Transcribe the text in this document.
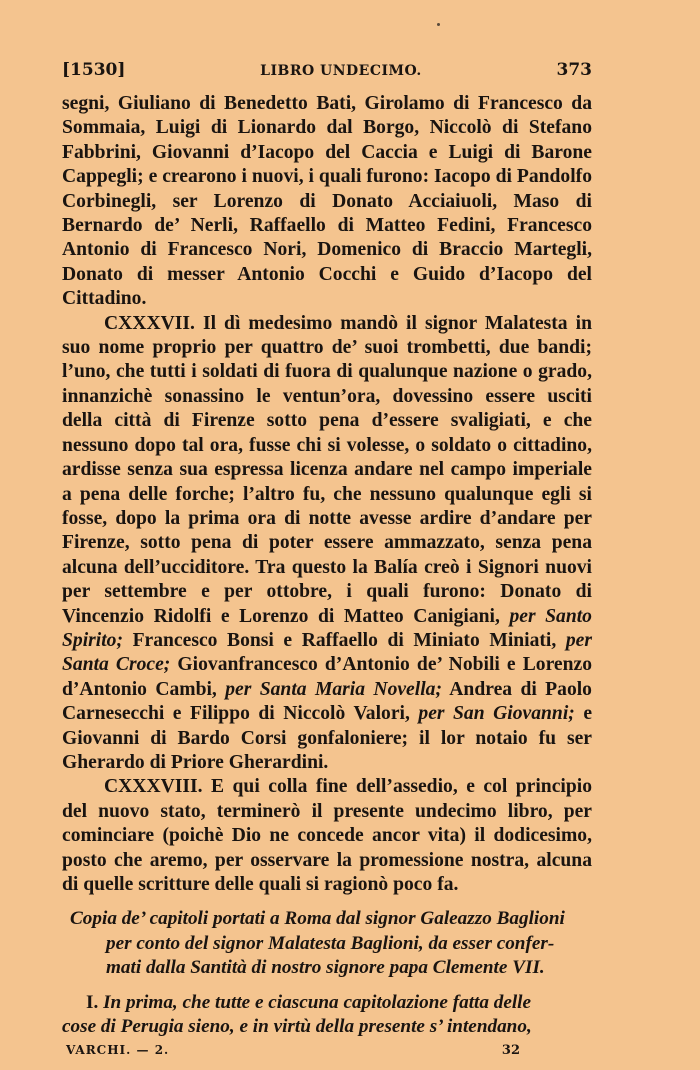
[1530]	LIBRO UNDECIMO.	373

segni, Giuliano di Benedetto Bati, Girolamo di Francesco da Sommaia, Luigi di Lionardo dal Borgo, Niccolò di Stefano Fabbrini, Giovanni d’Iacopo del Caccia e Luigi di Barone Cappegli; e crearono i nuovi, i quali furono: Iacopo di Pandolfo Corbinegli, ser Lorenzo di Donato Acciaiuoli, Maso di Bernardo de’ Nerli, Raffaello di Matteo Fedini, Francesco Antonio di Francesco Nori, Domenico di Braccio Martegli, Donato di messer Antonio Cocchi e Guido d’Iacopo del Cittadino.

CXXXVII. Il dì medesimo mandò il signor Malatesta in suo nome proprio per quattro de’ suoi trombetti, due bandi; l’uno, che tutti i soldati di fuora di qualunque nazione o grado, innanzichè sonassino le ventun’ora, dovessino essere usciti della città di Firenze sotto pena d’essere svaligiati, e che nessuno dopo tal ora, fusse chi si volesse, o soldato o cittadino, ardisse senza sua espressa licenza andare nel campo imperiale a pena delle forche; l’altro fu, che nessuno qualunque egli si fosse, dopo la prima ora di notte avesse ardire d’andare per Firenze, sotto pena di poter essere ammazzato, senza pena alcuna dell’ucciditore. Tra questo la Balía creò i Signori nuovi per settembre e per ottobre, i quali furono: Donato di Vincenzio Ridolfi e Lorenzo di Matteo Canigiani, per Santo Spirito; Francesco Bonsi e Raffaello di Miniato Miniati, per Santa Croce; Giovanfrancesco d’Antonio de’ Nobili e Lorenzo d’Antonio Cambi, per Santa Maria Novella; Andrea di Paolo Carnesecchi e Filippo di Niccolò Valori, per San Giovanni; e Giovanni di Bardo Corsi gonfaloniere; il lor notaio fu ser Gherardo di Priore Gherardini.

CXXXVIII. E qui colla fine dell’assedio, e col principio del nuovo stato, terminerò il presente undecimo libro, per cominciare (poichè Dio ne concede ancor vita) il dodicesimo, posto che aremo, per osservare la promessione nostra, alcuna di quelle scritture delle quali si ragionò poco fa.

Copia de’ capitoli portati a Roma dal signor Galeazzo Baglioni
per conto del signor Malatesta Baglioni, da esser confer-
mati dalla Santità di nostro signore papa Clemente VII.
I. In prima, che tutte e ciascuna capitolazione fatta delle
cose di Perugia sieno, e in virtù della presente s’ intendano,
VARCHI. — 2.	32
